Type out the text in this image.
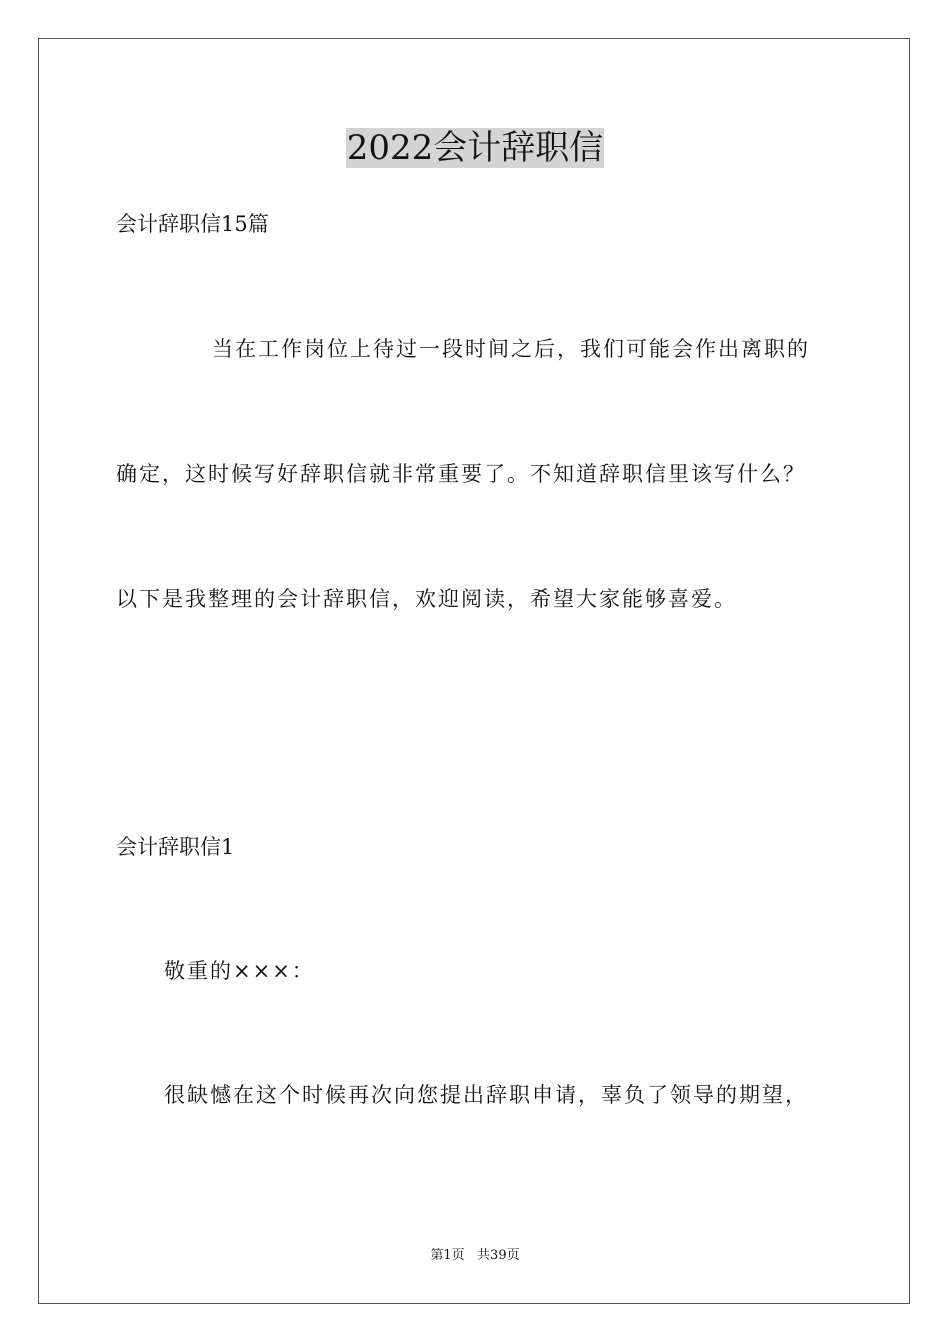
2022会计辞职信
会计辞职信15篇
当在工作岗位上待过一段时间之后，我们可能会作出离职的
确定，这时候写好辞职信就非常重要了。不知道辞职信里该写什么？
以下是我整理的会计辞职信，欢迎阅读，希望大家能够喜爱。
会计辞职信1
敬重的×××：
很缺憾在这个时候再次向您提出辞职申请，辜负了领导的期望，
第1页   共39页
